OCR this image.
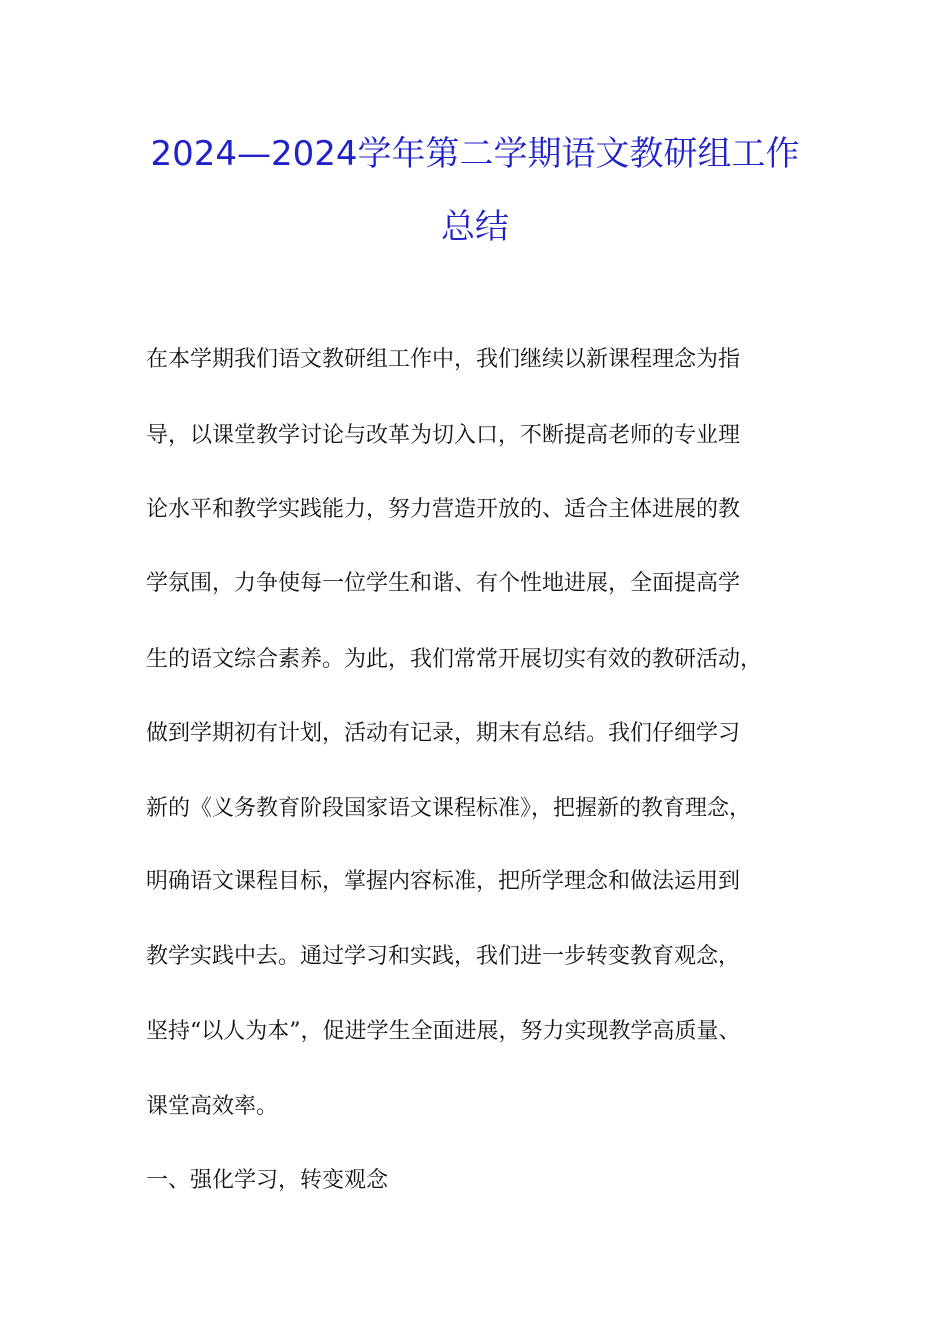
2024—2024学年第二学期语文教研组工作
总结
在本学期我们语文教研组工作中，我们继续以新课程理念为指
导，以课堂教学讨论与改革为切入口，不断提高老师的专业理
论水平和教学实践能力，努力营造开放的、适合主体进展的教
学氛围，力争使每一位学生和谐、有个性地进展，全面提高学
生的语文综合素养。为此，我们常常开展切实有效的教研活动，
做到学期初有计划，活动有记录，期末有总结。我们仔细学习
新的《义务教育阶段国家语文课程标准》，把握新的教育理念，
明确语文课程目标，掌握内容标准，把所学理念和做法运用到
教学实践中去。通过学习和实践，我们进一步转变教育观念，
坚持“以人为本”，促进学生全面进展，努力实现教学高质量、
课堂高效率。
一、强化学习，转变观念
